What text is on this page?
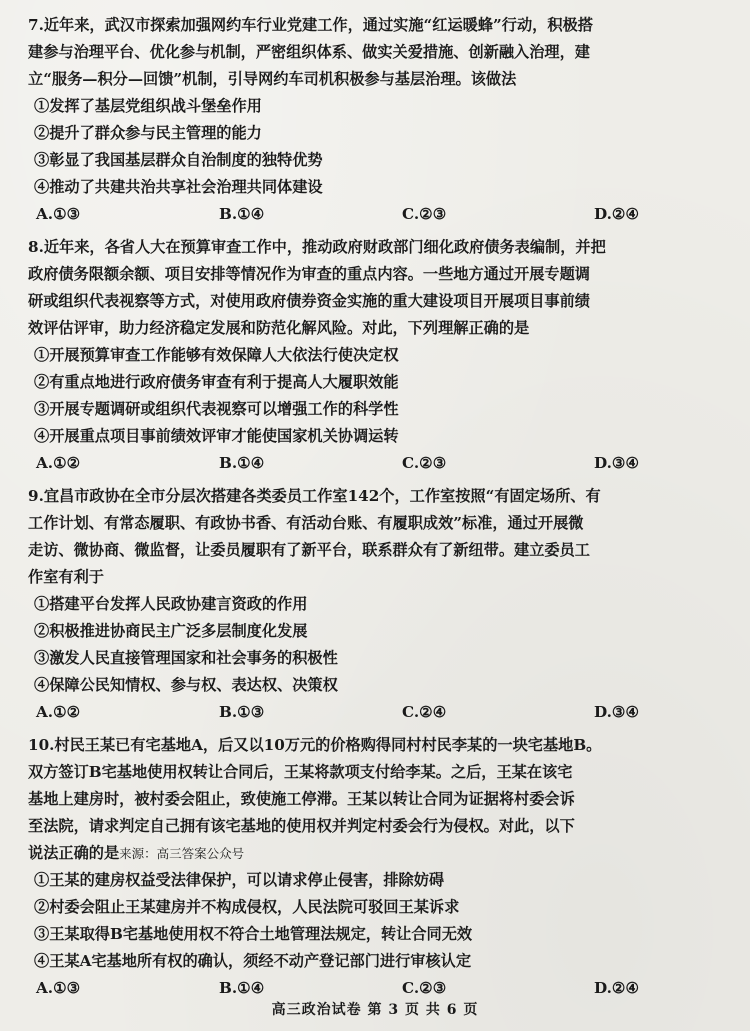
7.近年来，武汉市探索加强网约车行业党建工作，通过实施“红运暖蜂”行动，积极搭

建参与治理平台、优化参与机制，严密组织体系、做实关爱措施、创新融入治理，建

立“服务—积分—回馈”机制，引导网约车司机积极参与基层治理。该做法

①发挥了基层党组织战斗堡垒作用

②提升了群众参与民主管理的能力

③彰显了我国基层群众自治制度的独特优势

④推动了共建共治共享社会治理共同体建设

A.①③	B.①④	C.②③	D.②④

8.近年来，各省人大在预算审查工作中，推动政府财政部门细化政府债务表编制，并把

政府债务限额余额、项目安排等情况作为审查的重点内容。一些地方通过开展专题调

研或组织代表视察等方式，对使用政府债券资金实施的重大建设项目开展项目事前绩

效评估评审，助力经济稳定发展和防范化解风险。对此，下列理解正确的是

①开展预算审查工作能够有效保障人大依法行使决定权

②有重点地进行政府债务审查有利于提高人大履职效能

③开展专题调研或组织代表视察可以增强工作的科学性

④开展重点项目事前绩效评审才能使国家机关协调运转

A.①②	B.①④	C.②③	D.③④

9.宜昌市政协在全市分层次搭建各类委员工作室142个，工作室按照“有固定场所、有

工作计划、有常态履职、有政协书香、有活动台账、有履职成效”标准，通过开展微

走访、微协商、微监督，让委员履职有了新平台，联系群众有了新纽带。建立委员工

作室有利于

①搭建平台发挥人民政协建言资政的作用

②积极推进协商民主广泛多层制度化发展

③激发人民直接管理国家和社会事务的积极性

④保障公民知情权、参与权、表达权、决策权

A.①②	B.①③	C.②④	D.③④

10.村民王某已有宅基地A，后又以10万元的价格购得同村村民李某的一块宅基地B。

双方签订B宅基地使用权转让合同后，王某将款项支付给李某。之后，王某在该宅

基地上建房时，被村委会阻止，致使施工停滞。王某以转让合同为证据将村委会诉

至法院，请求判定自己拥有该宅基地的使用权并判定村委会行为侵权。对此，以下

说法正确的是来源：高三答案公众号

①王某的建房权益受法律保护，可以请求停止侵害，排除妨碍

②村委会阻止王某建房并不构成侵权，人民法院可驳回王某诉求

③王某取得B宅基地使用权不符合土地管理法规定，转让合同无效

④王某A宅基地所有权的确认，须经不动产登记部门进行审核认定

A.①③	B.①④	C.②③	D.②④
高三政治试卷 第 3 页 共 6 页
